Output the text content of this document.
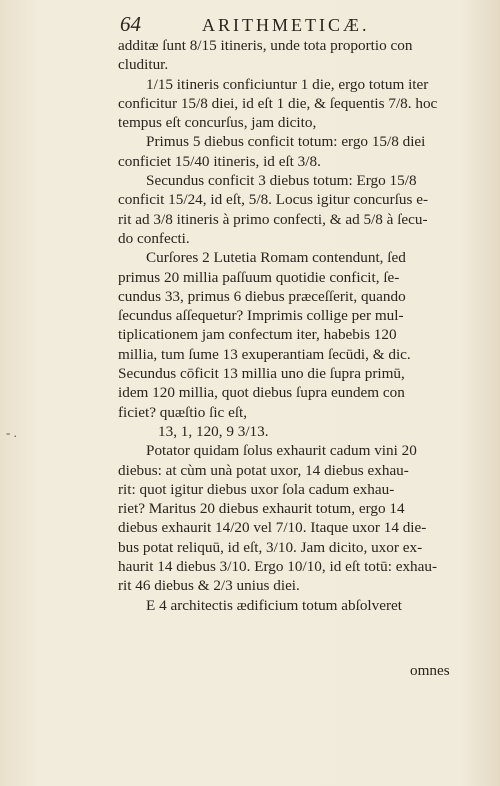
64	ARITHMETICÆ.
- .
additæ ſunt 8/15 itineris, unde tota proportio con
cluditur.
1/15 itineris conficiuntur 1 die, ergo totum iter
conficitur 15/8 diei, id eſt 1 die, & ſequentis 7/8. hoc
tempus eſt concurſus, jam dicito,
Primus 5 diebus conficit totum: ergo 15/8 diei
conficiet 15/40 itineris, id eſt 3/8.
Secundus conficit 3 diebus totum: Ergo 15/8
conficit 15/24, id eſt, 5/8. Locus igitur concurſus e-
rit ad 3/8 itineris à primo confecti, & ad 5/8 à ſecu-
do confecti.
Curſores 2 Lutetia Romam contendunt, ſed
primus 20 millia paſſuum quotidie conficit, ſe-
cundus 33, primus 6 diebus præceſſerit, quando
ſecundus aſſequetur? Imprimis collige per mul-
tiplicationem jam confectum iter, habebis 120
millia, tum ſume 13 exuperantiam ſecūdi, & dic.
Secundus cōficit 13 millia uno die ſupra primū,
idem 120 millia, quot diebus ſupra eundem con
ficiet? quæſtio ſic eſt,
13, 1, 120, 9 3/13.
Potator quidam ſolus exhaurit cadum vini 20
diebus: at cùm unà potat uxor, 14 diebus exhau-
rit: quot igitur diebus uxor ſola cadum exhau-
riet? Maritus 20 diebus exhaurit totum, ergo 14
diebus exhaurit 14/20 vel 7/10. Itaque uxor 14 die-
bus potat reliquū, id eſt, 3/10. Jam dicito, uxor ex-
haurit 14 diebus 3/10. Ergo 10/10, id eſt totū: exhau-
rit 46 diebus & 2/3 unius diei.
E 4 architectis ædificium totum abſolveret
omnes
